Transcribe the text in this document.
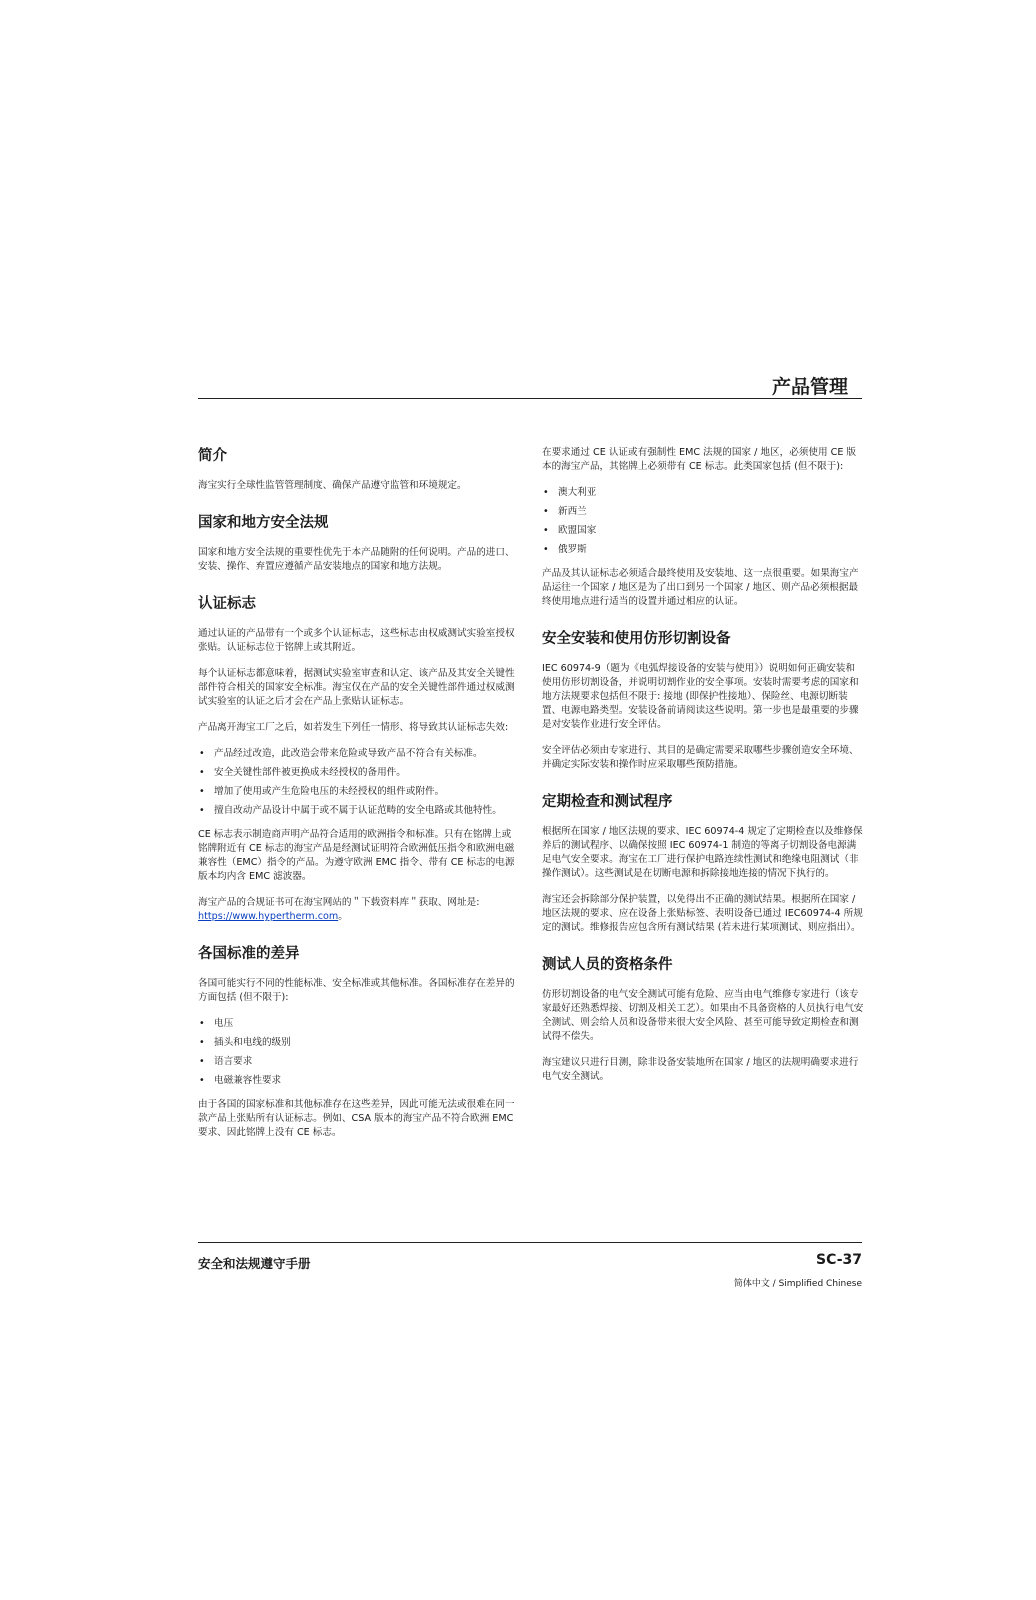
产品管理
简介

海宝实行全球性监管管理制度、确保产品遵守监管和环境规定。

国家和地方安全法规

国家和地方安全法规的重要性优先于本产品随附的任何说明。产品的进口、安装、操作、弃置应遵循产品安装地点的国家和地方法规。

认证标志

通过认证的产品带有一个或多个认证标志，这些标志由权威测试实验室授权张贴。认证标志位于铭牌上或其附近。

每个认证标志都意味着，据测试实验室审查和认定、该产品及其安全关键性部件符合相关的国家安全标准。海宝仅在产品的安全关键性部件通过权威测试实验室的认证之后才会在产品上张贴认证标志。

产品离开海宝工厂之后，如若发生下列任一情形、将导致其认证标志失效:

• 产品经过改造，此改造会带来危险或导致产品不符合有关标准。
• 安全关键性部件被更换成未经授权的备用件。
• 增加了使用或产生危险电压的未经授权的组件或附件。
• 擅自改动产品设计中属于或不属于认证范畴的安全电路或其他特性。

CE 标志表示制造商声明产品符合适用的欧洲指令和标准。只有在铭牌上或铭牌附近有 CE 标志的海宝产品是经测试证明符合欧洲低压指令和欧洲电磁兼容性（EMC）指令的产品。为遵守欧洲 EMC 指令、带有 CE 标志的电源版本均内含 EMC 滤波器。

海宝产品的合规证书可在海宝网站的＂下载资料库＂获取、网址是:
https://www.hypertherm.com。

各国标准的差异

各国可能实行不同的性能标准、安全标准或其他标准。各国标准存在差异的方面包括 (但不限于):

• 电压
• 插头和电线的级别
• 语言要求
• 电磁兼容性要求

由于各国的国家标准和其他标准存在这些差异，因此可能无法或很难在同一款产品上张贴所有认证标志。例如、CSA 版本的海宝产品不符合欧洲 EMC 要求、因此铭牌上没有 CE 标志。

在要求通过 CE 认证或有强制性 EMC 法规的国家 / 地区，必须使用 CE 版本的海宝产品，其铭牌上必须带有 CE 标志。此类国家包括 (但不限于):

• 澳大利亚
• 新西兰
• 欧盟国家
• 俄罗斯

产品及其认证标志必须适合最终使用及安装地、这一点很重要。如果海宝产品运往一个国家 / 地区是为了出口到另一个国家 / 地区、则产品必须根据最终使用地点进行适当的设置并通过相应的认证。

安全安装和使用仿形切割设备

IEC 60974-9（题为《电弧焊接设备的安装与使用》）说明如何正确安装和使用仿形切割设备，并说明切割作业的安全事项。安装时需要考虑的国家和地方法规要求包括但不限于: 接地 (即保护性接地）、保险丝、电源切断装置、电源电路类型。安装设备前请阅读这些说明。第一步也是最重要的步骤是对安装作业进行安全评估。

安全评估必须由专家进行、其目的是确定需要采取哪些步骤创造安全环境、并确定实际安装和操作时应采取哪些预防措施。

定期检查和测试程序

根据所在国家 / 地区法规的要求、IEC 60974-4 规定了定期检查以及维修保养后的测试程序、以确保按照 IEC 60974-1 制造的等离子切割设备电源满足电气安全要求。海宝在工厂进行保护电路连续性测试和绝缘电阻测试（非操作测试）。这些测试是在切断电源和拆除接地连接的情况下执行的。

海宝还会拆除部分保护装置，以免得出不正确的测试结果。根据所在国家 / 地区法规的要求、应在设备上张贴标签、表明设备已通过 IEC60974-4 所规定的测试。维修报告应包含所有测试结果 (若未进行某项测试、则应指出）。

测试人员的资格条件

仿形切割设备的电气安全测试可能有危险、应当由电气维修专家进行（该专家最好还熟悉焊接、切割及相关工艺）。如果由不具备资格的人员执行电气安全测试、则会给人员和设备带来很大安全风险、甚至可能导致定期检查和测试得不偿失。

海宝建议只进行目测，除非设备安装地所在国家 / 地区的法规明确要求进行电气安全测试。

安全和法规遵守手册	SC-37
简体中文 / Simplified Chinese
